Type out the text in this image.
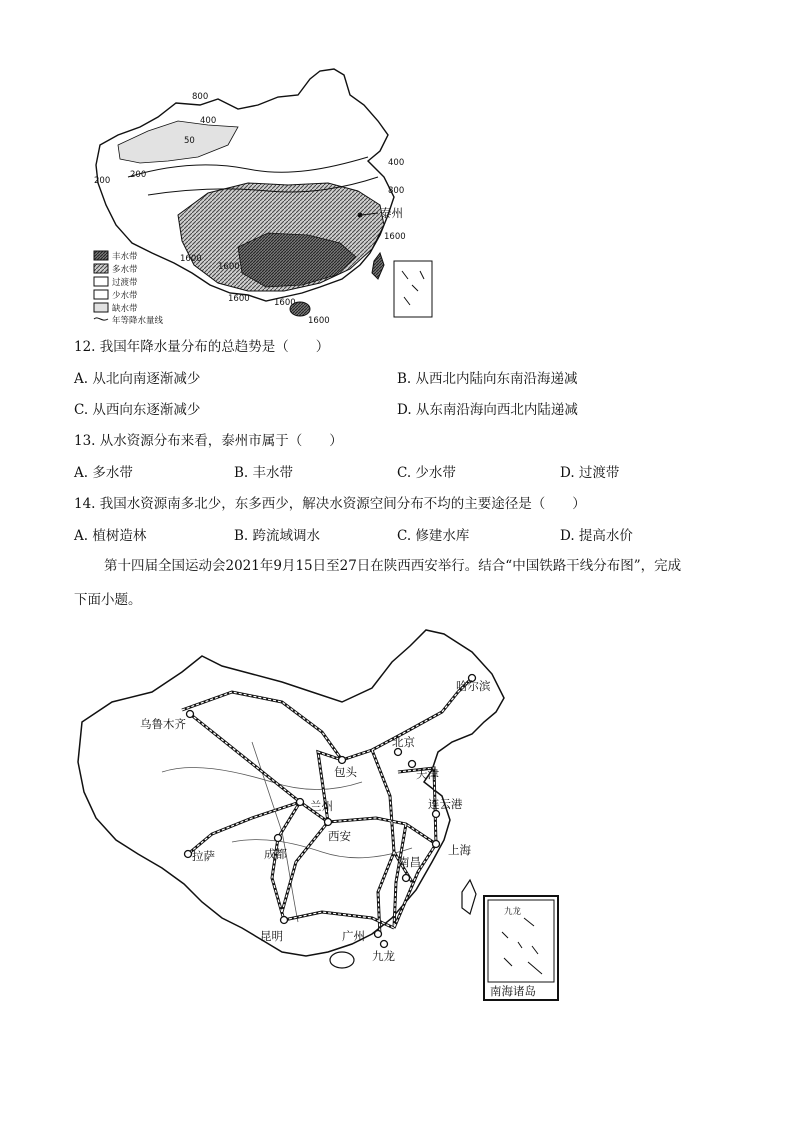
800
400
200
200
50
800
400
1600
1600
1600	1600
1600
1600
泰州
丰水带
多水带
过渡带
少水带
缺水带
年等降水量线
12. 我国年降水量分布的总趋势是（　　）
A. 从北向南逐渐减少	B. 从西北内陆向东南沿海递减
C. 从西向东逐渐减少	D. 从东南沿海向西北内陆递减
13. 从水资源分布来看，泰州市属于（　　）
A. 多水带	B. 丰水带	C. 少水带	D. 过渡带
14. 我国水资源南多北少，东多西少，解决水资源空间分布不均的主要途径是（　　）
A. 植树造林	B. 跨流域调水	C. 修建水库	D. 提高水价
第十四届全国运动会2021年9月15日至27日在陕西西安举行。结合“中国铁路干线分布图”，完成
下面小题。
哈尔滨
乌鲁木齐
北京
天津
包头
兰州	连云港
西安
上海
拉萨	成都
南昌
昆明	广州
九龙
九龙
南海诸岛
